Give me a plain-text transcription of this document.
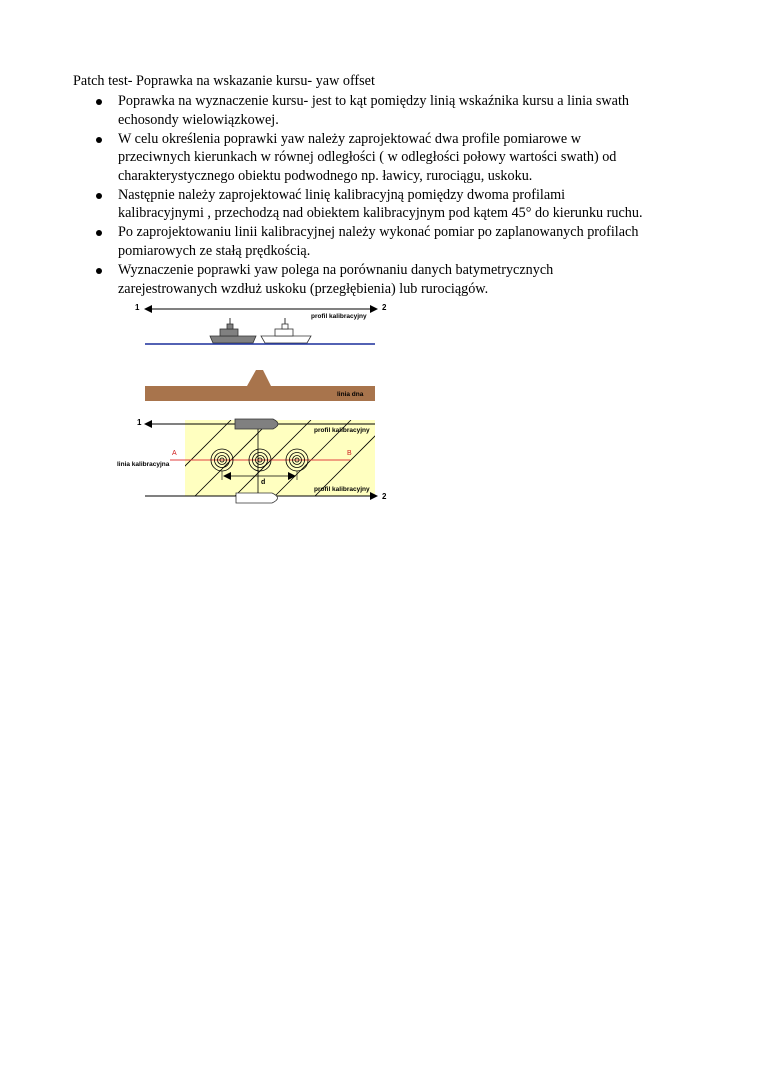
Patch test- Poprawka na wskazanie kursu- yaw offset
Poprawka na wyznaczenie kursu- jest to kąt pomiędzy linią wskaźnika kursu a linia swath
echosondy wielowiązkowej.
W celu określenia poprawki yaw należy zaprojektować dwa profile pomiarowe w
przeciwnych kierunkach w równej odległości ( w odległości połowy wartości swath) od
charakterystycznego obiektu podwodnego np. ławicy, rurociągu, uskoku.
Następnie należy zaprojektować linię kalibracyjną pomiędzy dwoma profilami
kalibracyjnymi , przechodzą nad obiektem kalibracyjnym pod kątem 45° do kierunku ruchu.
Po zaprojektowaniu linii kalibracyjnej należy wykonać pomiar po zaplanowanych profilach
pomiarowych ze stałą prędkością.
Wyznaczenie poprawki yaw polega na porównaniu danych batymetrycznych
zarejestrowanych wzdłuż uskoku (przegłębienia) lub rurociągów.
1	2
profil kalibracyjny
linia dna
1
profil kalibracyjny
2
profil kalibracyjny
A	B
linia kalibracyjna
d
